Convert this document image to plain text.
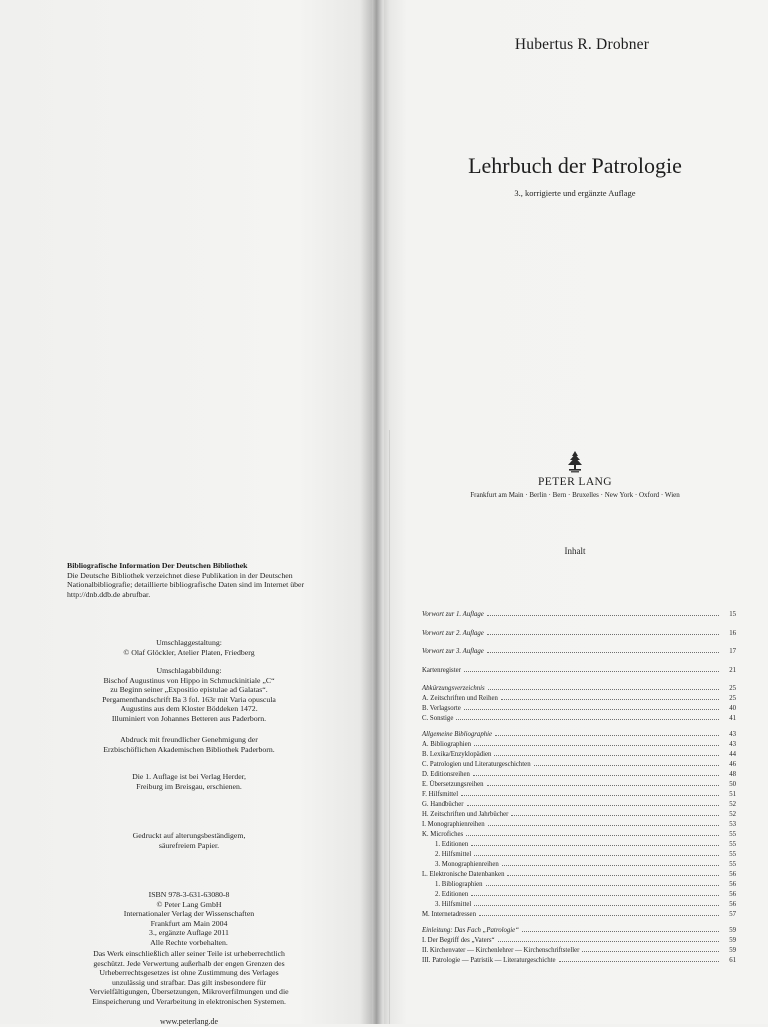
Bibliografische Information Der Deutschen Bibliothek
Die Deutsche Bibliothek verzeichnet diese Publikation in der Deutschen Nationalbibliografie; detaillierte bibliografische Daten sind im Internet über http://dnb.ddb.de abrufbar.
Umschlaggestaltung:
© Olaf Glöckler, Atelier Platen, Friedberg
Umschlagabbildung:
Bischof Augustinus von Hippo in Schmuckinitiale „C“
zu Beginn seiner „Expositio epistulae ad Galatas“.
Pergamenthandschrift Ba 3 fol. 163r mit Varia opuscula
Augustins aus dem Kloster Böddeken 1472.
Illuminiert von Johannes Betteren aus Paderborn.
Abdruck mit freundlicher Genehmigung der
Erzbischöflichen Akademischen Bibliothek Paderborn.
Die 1. Auflage ist bei Verlag Herder,
Freiburg im Breisgau, erschienen.
Gedruckt auf alterungsbeständigem,
säurefreiem Papier.
ISBN 978-3-631-63080-8
© Peter Lang GmbH
Internationaler Verlag der Wissenschaften
Frankfurt am Main 2004
3., ergänzte Auflage 2011
Alle Rechte vorbehalten.
Das Werk einschließlich aller seiner Teile ist urheberrechtlich
geschützt. Jede Verwertung außerhalb der engen Grenzen des
Urheberrechtsgesetzes ist ohne Zustimmung des Verlages
unzulässig und strafbar. Das gilt insbesondere für
Vervielfältigungen, Übersetzungen, Mikroverfilmungen und die
Einspeicherung und Verarbeitung in elektronischen Systemen.
www.peterlang.de
Hubertus R. Drobner
Lehrbuch der Patrologie
3., korrigierte und ergänzte Auflage
PETER LANG
Frankfurt am Main · Berlin · Bern · Bruxelles · New York · Oxford · Wien
Inhalt
Vorwort zur 1. Auflage	15
Vorwort zur 2. Auflage	16
Vorwort zur 3. Auflage	17
Kartenregister	21
Abkürzungsverzeichnis	25
A. Zeitschriften und Reihen	25
B. Verlagsorte	40
C. Sonstige	41
Allgemeine Bibliographie	43
A. Bibliographien	43
B. Lexika/Enzyklopädien	44
C. Patrologien und Literaturgeschichten	46
D. Editionsreihen	48
E. Übersetzungsreihen	50
F. Hilfsmittel	51
G. Handbücher	52
H. Zeitschriften und Jahrbücher	52
I. Monographienreihen	53
K. Microfiches	55
1. Editionen	55
2. Hilfsmittel	55
3. Monographienreihen	55
L. Elektronische Datenbanken	56
1. Bibliographien	56
2. Editionen	56
3. Hilfsmittel	56
M. Internetadressen	57
Einleitung: Das Fach „Patrologie“	59
I. Der Begriff des „Vaters“	59
II. Kirchenvater — Kirchenlehrer — Kirchenschriftsteller	59
III. Patrologie — Patristik — Literaturgeschichte	61
